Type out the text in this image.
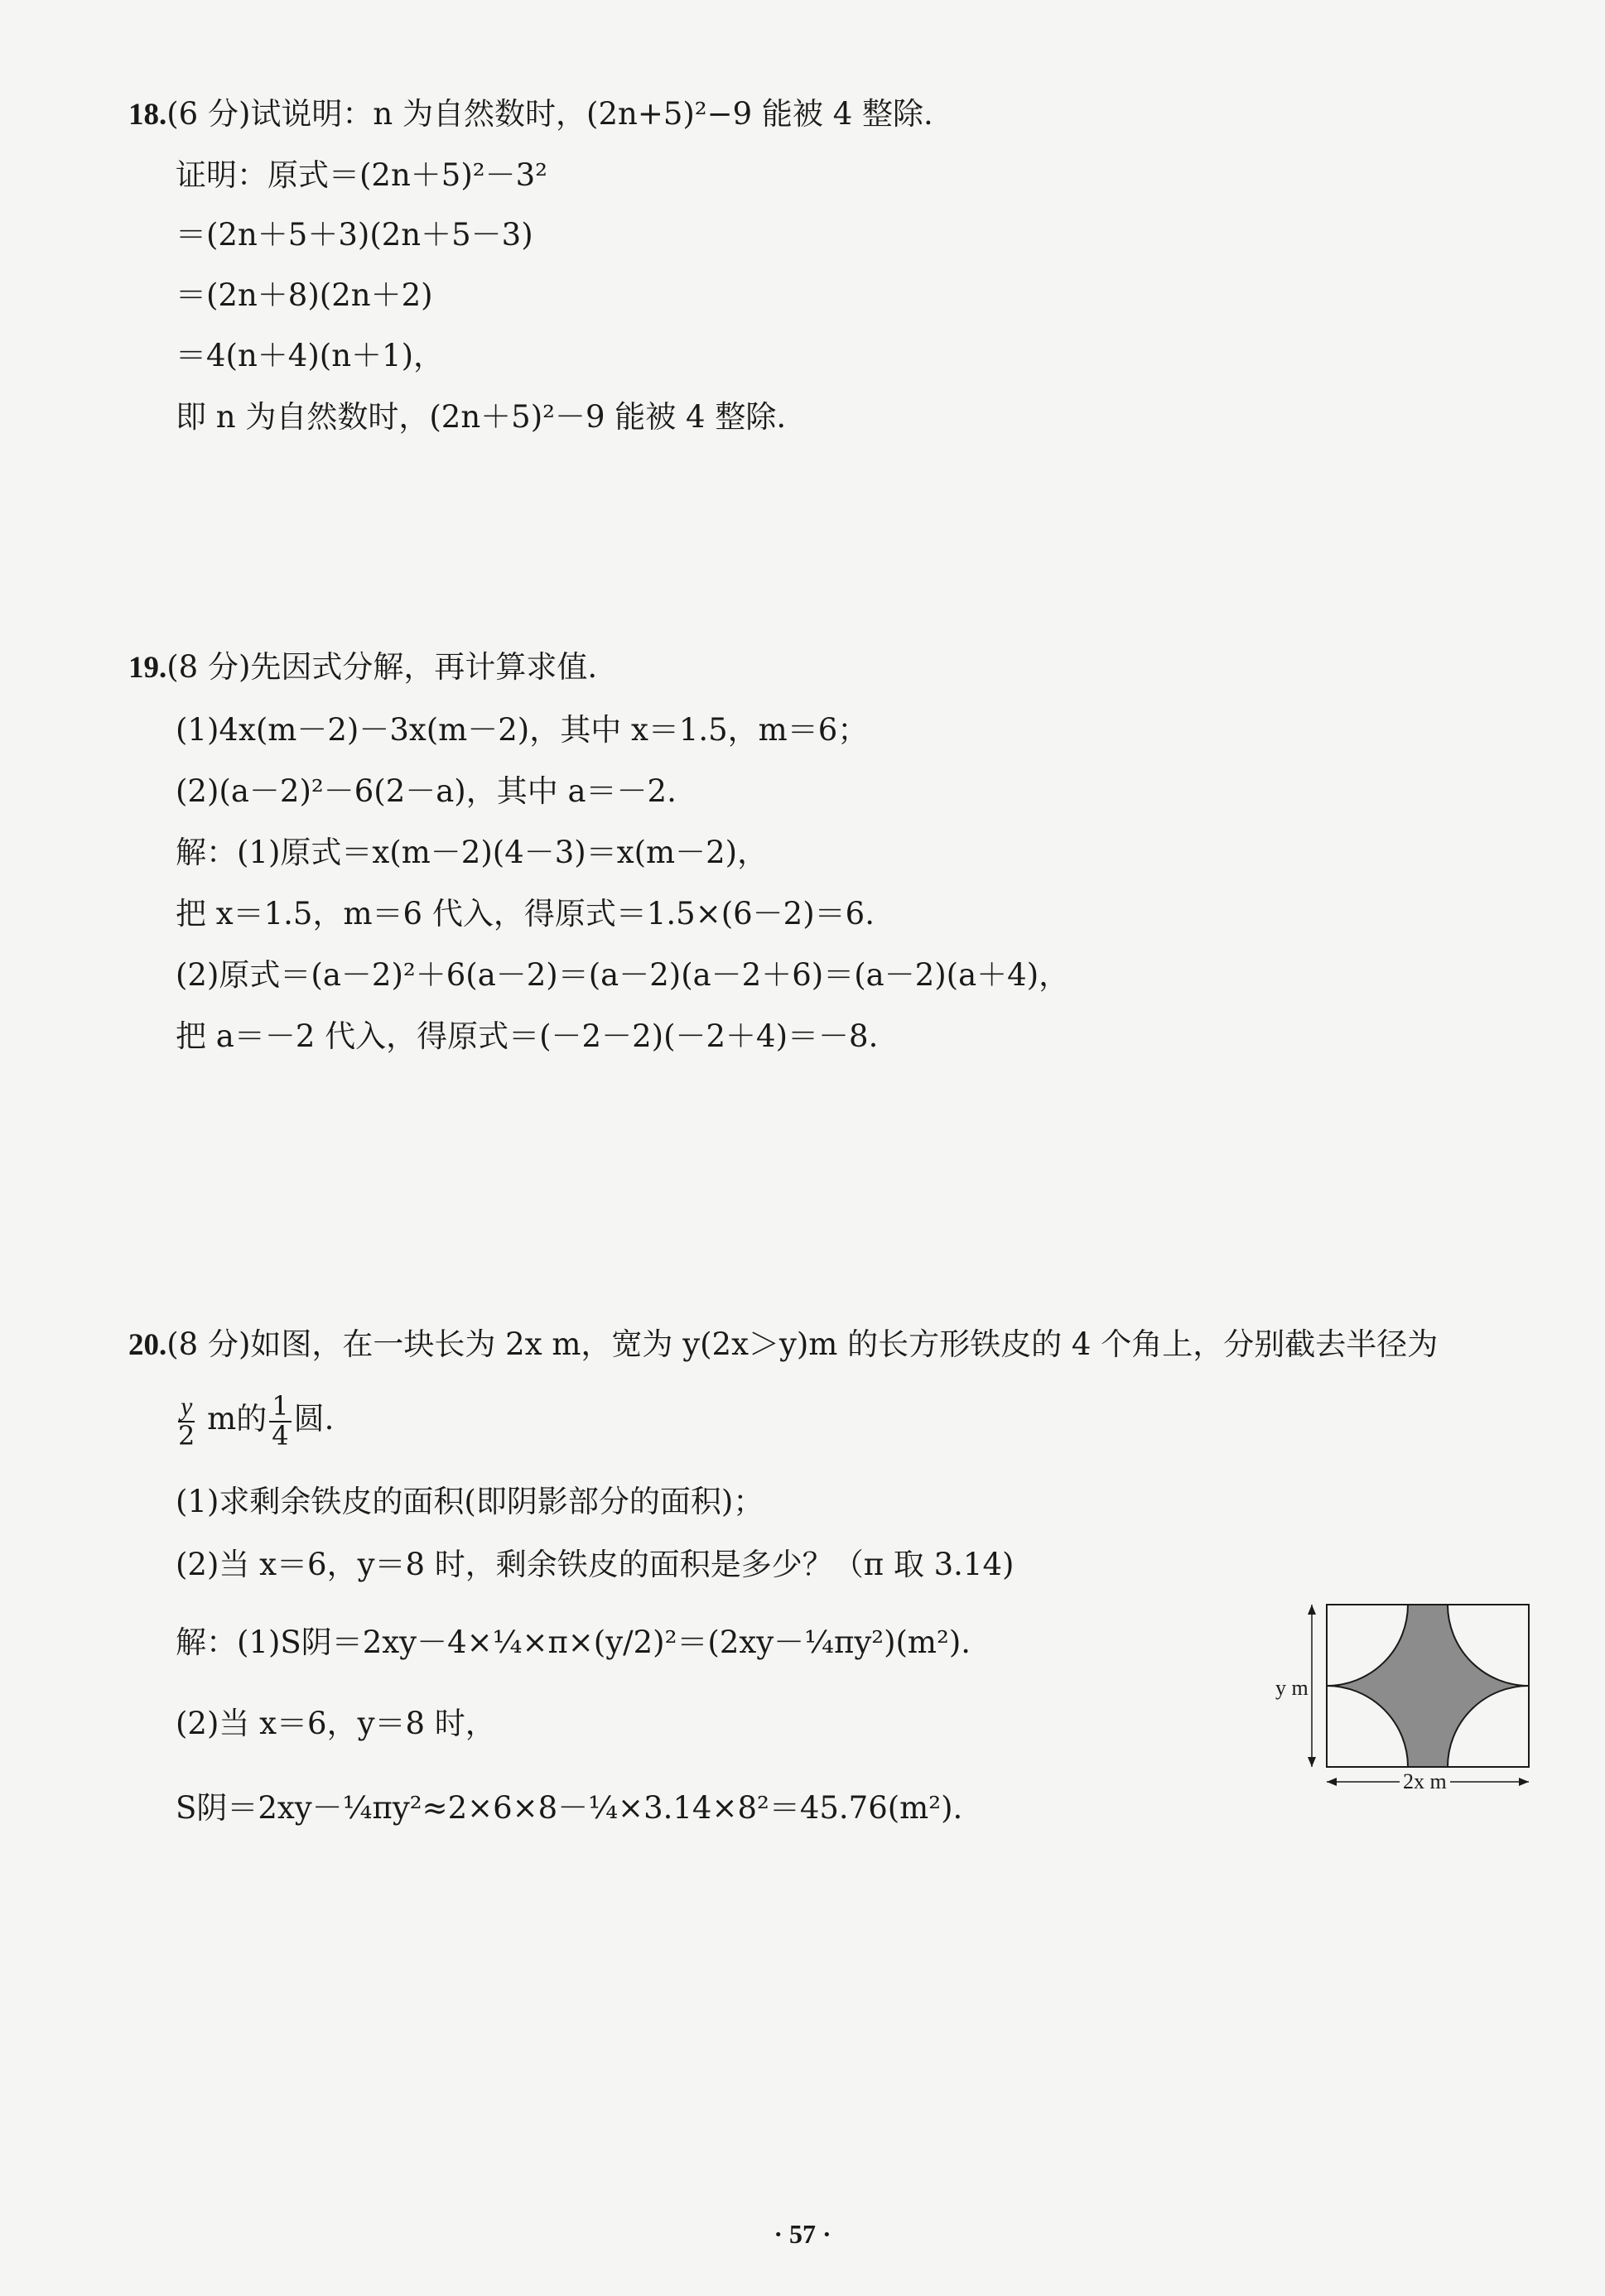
18.(6 分)试说明：n 为自然数时，(2n+5)²−9 能被 4 整除.
证明：原式＝(2n＋5)²－3²
＝(2n＋5＋3)(2n＋5－3)
＝(2n＋8)(2n＋2)
＝4(n＋4)(n＋1)，
即 n 为自然数时，(2n＋5)²－9 能被 4 整除.
19.(8 分)先因式分解，再计算求值.
(1)4x(m－2)－3x(m－2)，其中 x＝1.5，m＝6；
(2)(a－2)²－6(2－a)，其中 a＝－2.
解：(1)原式＝x(m－2)(4－3)＝x(m－2)，
把 x＝1.5，m＝6 代入，得原式＝1.5×(6－2)＝6.
(2)原式＝(a－2)²＋6(a－2)＝(a－2)(a－2＋6)＝(a－2)(a＋4)，
把 a＝－2 代入，得原式＝(－2－2)(－2＋4)＝－8.
20.(8 分)如图，在一块长为 2x m，宽为 y(2x＞y)m 的长方形铁皮的 4 个角上，分别截去半径为
$\frac{y}{2}$ m的 $\frac{1}{4}$ 圆.
(1)求剩余铁皮的面积(即阴影部分的面积)；
(2)当 x＝6，y＝8 时，剩余铁皮的面积是多少？（π 取 3.14)
解：(1)S阴＝2xy－4×¼×π×(y/2)²＝(2xy－¼πy²)(m²).
(2)当 x＝6，y＝8 时，
S阴＝2xy－¼πy²≈2×6×8－¼×3.14×8²＝45.76(m²).
y m
2x m
· 57 ·
